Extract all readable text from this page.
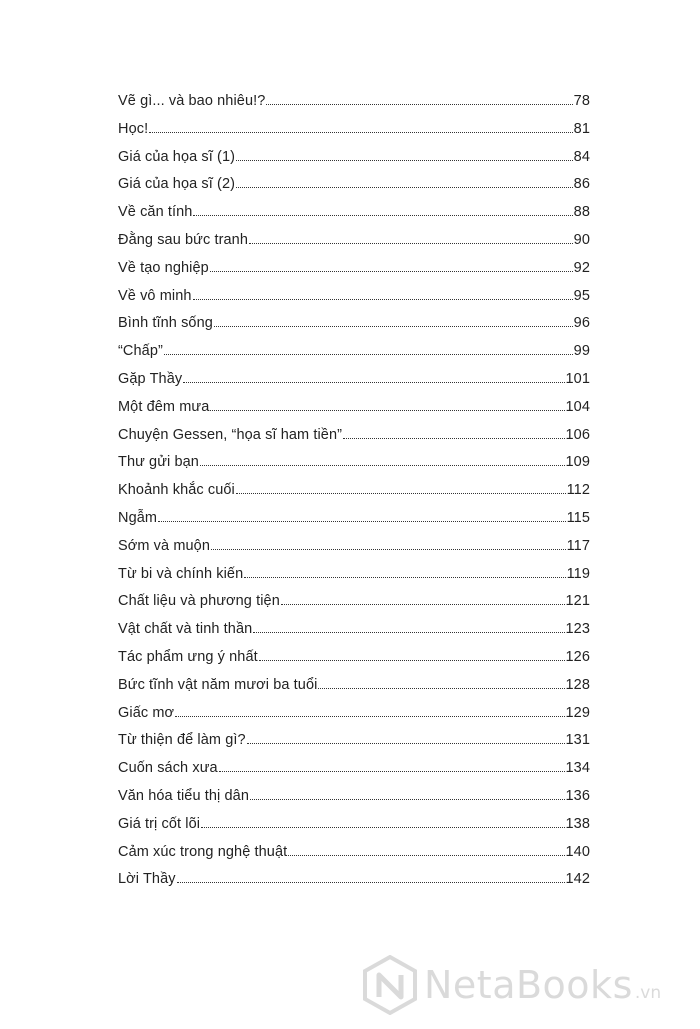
Vẽ gì... và bao nhiêu!?	78
Học!	81
Giá của họa sĩ (1)	84
Giá của họa sĩ (2)	86
Về căn tính	88
Đằng sau bức tranh	90
Về tạo nghiệp	92
Về vô minh	95
Bình tĩnh sống	96
“Chấp”	99
Gặp Thầy	101
Một đêm mưa	104
Chuyện Gessen, “họa sĩ ham tiền”	106
Thư gửi bạn	109
Khoảnh khắc cuối	112
Ngẫm	115
Sớm và muộn	117
Từ bi và chính kiến	119
Chất liệu và phương tiện	121
Vật chất và tinh thần	123
Tác phẩm ưng ý nhất	126
Bức tĩnh vật năm mươi ba tuổi	128
Giấc mơ	129
Từ thiện để làm gì?	131
Cuốn sách xưa	134
Văn hóa tiểu thị dân	136
Giá trị cốt lõi	138
Cảm xúc trong nghệ thuật	140
Lời Thầy	142
NetaBooks .vn
